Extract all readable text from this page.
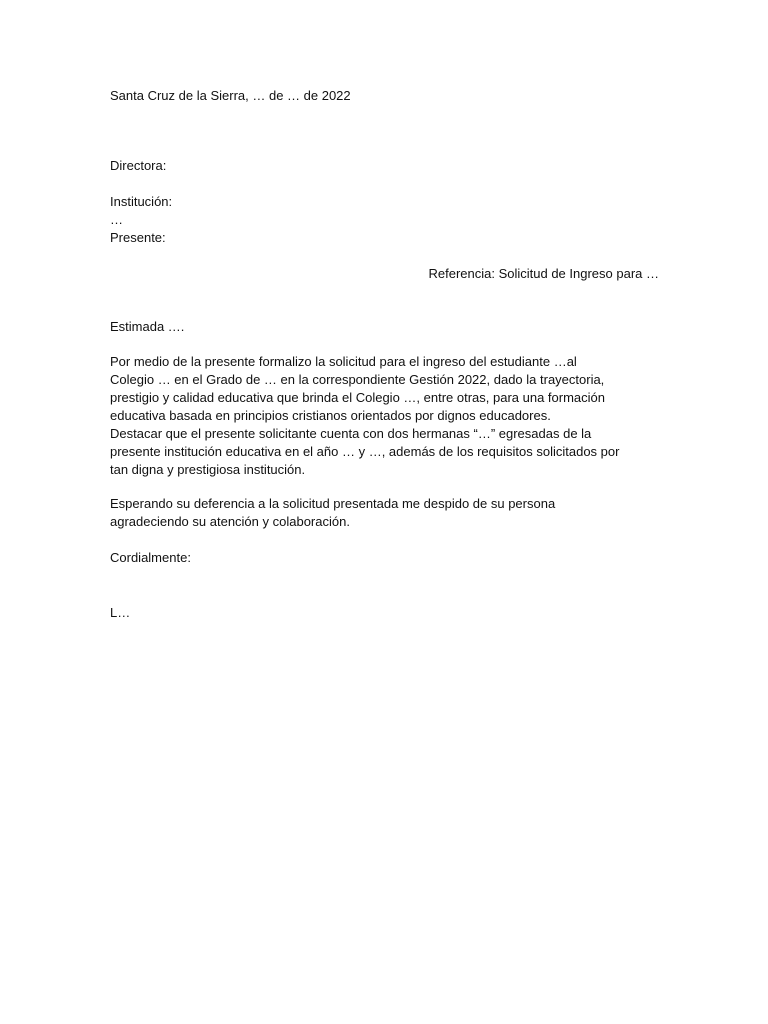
Santa Cruz de la Sierra, … de … de 2022
Directora:
Institución:
…
Presente:
Referencia: Solicitud de Ingreso para …
Estimada ….
Por medio de la presente formalizo la solicitud para el ingreso del estudiante …al
Colegio … en el Grado de … en la correspondiente Gestión 2022, dado la trayectoria,
prestigio y calidad educativa que brinda el Colegio …, entre otras, para una formación
educativa basada en principios cristianos orientados por dignos educadores.
Destacar que el presente solicitante cuenta con dos hermanas “…” egresadas de la
presente institución educativa en el año … y …, además de los requisitos solicitados por
tan digna y prestigiosa institución.
Esperando su deferencia a la solicitud presentada me despido de su persona
agradeciendo su atención y colaboración.
Cordialmente:
L…
